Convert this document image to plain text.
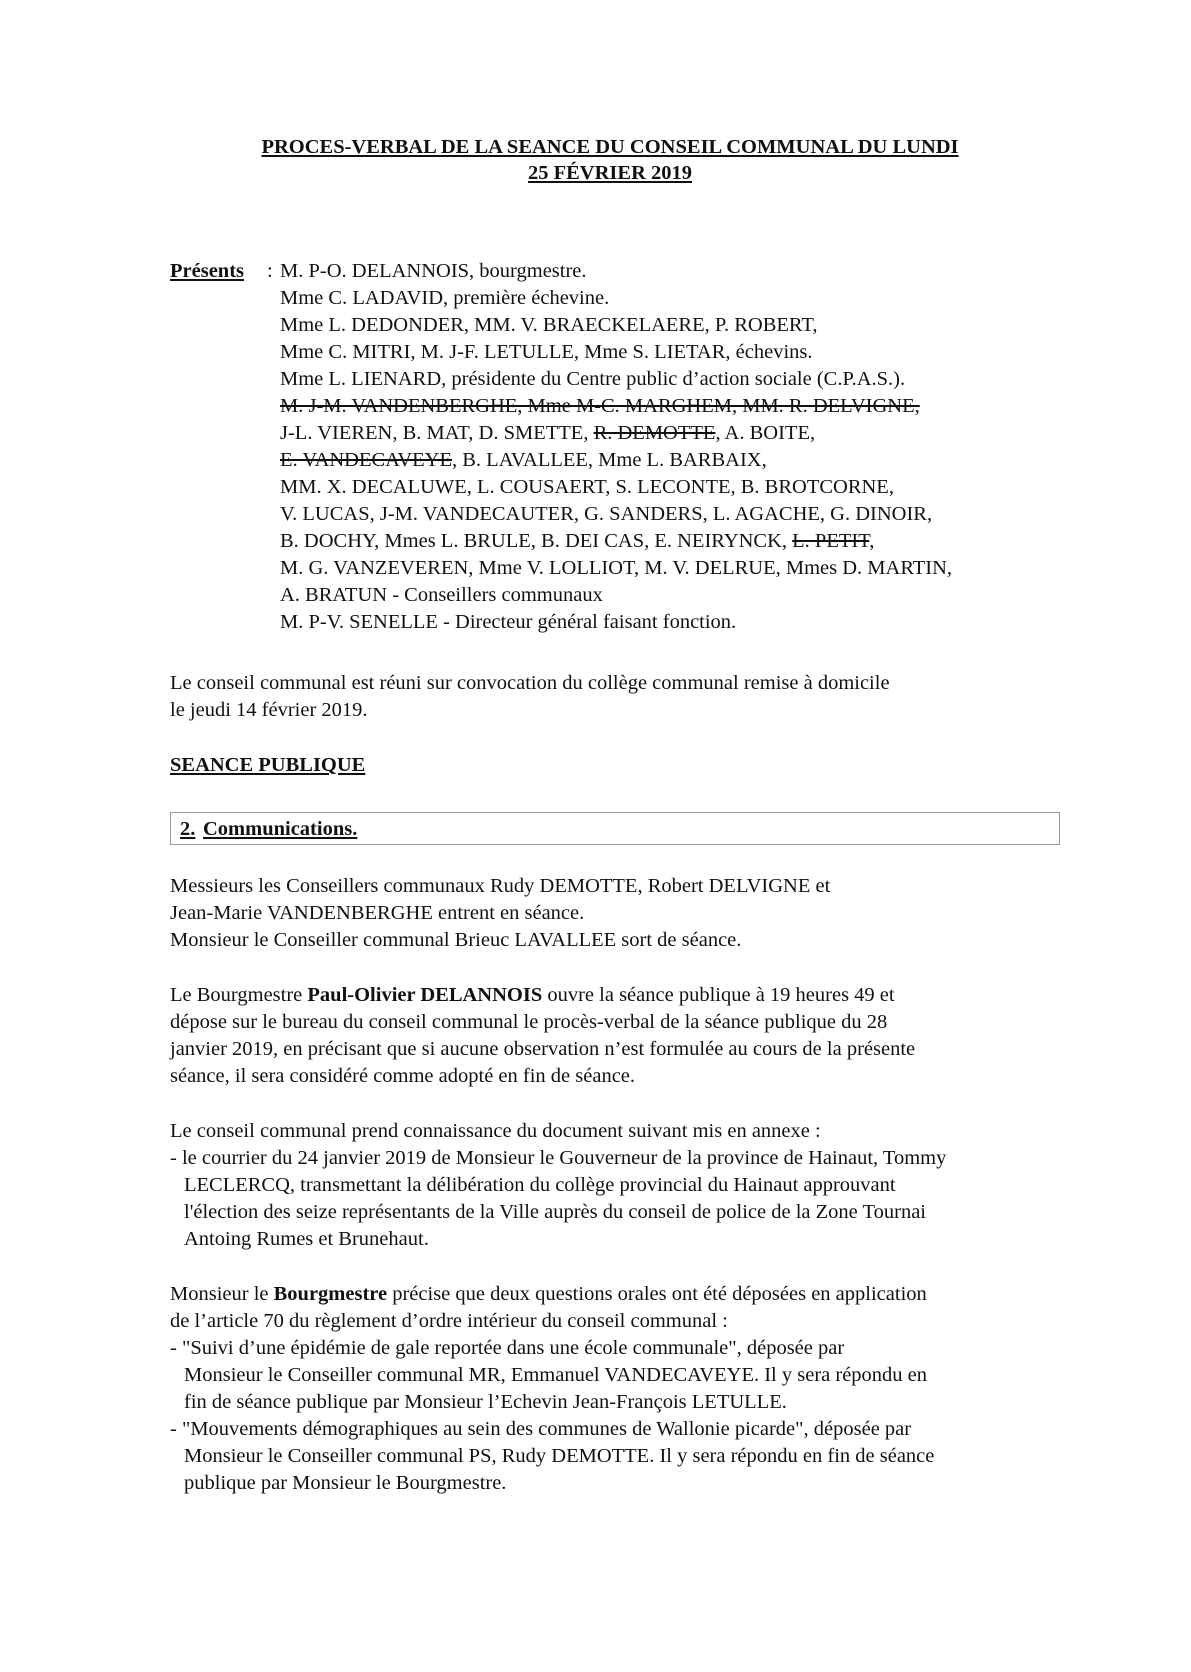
PROCES-VERBAL DE LA SEANCE DU CONSEIL COMMUNAL DU LUNDI
25 FÉVRIER 2019
Présents : M. P-O. DELANNOIS, bourgmestre.
Mme C. LADAVID, première échevine.
Mme L. DEDONDER, MM. V. BRAECKELAERE, P. ROBERT,
Mme C. MITRI, M. J-F. LETULLE, Mme S. LIETAR, échevins.
Mme L. LIENARD, présidente du Centre public d’action sociale (C.P.A.S.).
M. J-M. VANDENBERGHE, Mme M-C. MARGHEM, MM. R. DELVIGNE,
J-L. VIEREN, B. MAT, D. SMETTE, R. DEMOTTE, A. BOITE,
E. VANDECAVEYE, B. LAVALLEE, Mme L. BARBAIX,
MM. X. DECALUWE, L. COUSAERT, S. LECONTE, B. BROTCORNE,
V. LUCAS, J-M. VANDECAUTER, G. SANDERS, L. AGACHE, G. DINOIR,
B. DOCHY, Mmes L. BRULE, B. DEI CAS, E. NEIRYNCK, L. PETIT,
M. G. VANZEVEREN, Mme V. LOLLIOT, M. V. DELRUE, Mmes D. MARTIN,
A. BRATUN - Conseillers communaux
M. P-V. SENELLE - Directeur général faisant fonction.
Le conseil communal est réuni sur convocation du collège communal remise à domicile
le jeudi 14 février 2019.
SEANCE PUBLIQUE
2. Communications.
Messieurs les Conseillers communaux Rudy DEMOTTE, Robert DELVIGNE et
Jean-Marie VANDENBERGHE entrent en séance.
Monsieur le Conseiller communal Brieuc LAVALLEE sort de séance.
Le Bourgmestre Paul-Olivier DELANNOIS ouvre la séance publique à 19 heures 49 et
dépose sur le bureau du conseil communal le procès-verbal de la séance publique du 28
janvier 2019, en précisant que si aucune observation n’est formulée au cours de la présente
séance, il sera considéré comme adopté en fin de séance.
Le conseil communal prend connaissance du document suivant mis en annexe :
- le courrier du 24 janvier 2019 de Monsieur le Gouverneur de la province de Hainaut, Tommy
LECLERCQ, transmettant la délibération du collège provincial du Hainaut approuvant
l'élection des seize représentants de la Ville auprès du conseil de police de la Zone Tournai
Antoing Rumes et Brunehaut.
Monsieur le Bourgmestre précise que deux questions orales ont été déposées en application
de l’article 70 du règlement d’ordre intérieur du conseil communal :
- "Suivi d’une épidémie de gale reportée dans une école communale", déposée par
Monsieur le Conseiller communal MR, Emmanuel VANDECAVEYE. Il y sera répondu en
fin de séance publique par Monsieur l’Echevin Jean-François LETULLE.
- "Mouvements démographiques au sein des communes de Wallonie picarde", déposée par
Monsieur le Conseiller communal PS, Rudy DEMOTTE. Il y sera répondu en fin de séance
publique par Monsieur le Bourgmestre.
